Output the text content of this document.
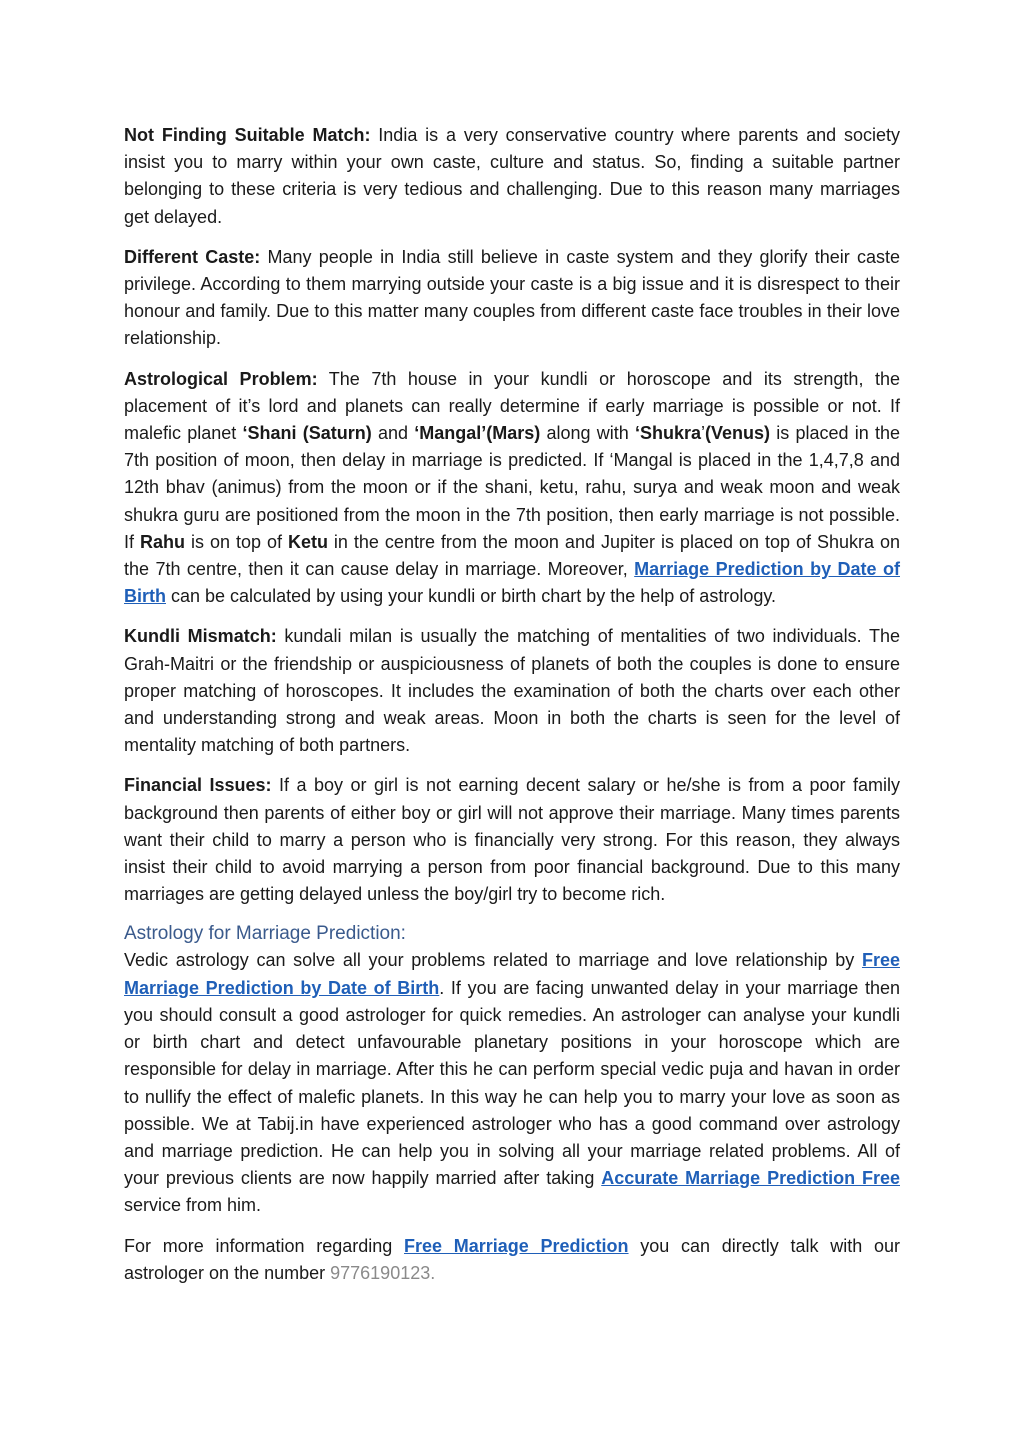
Not Finding Suitable Match: India is a very conservative country where parents and society insist you to marry within your own caste, culture and status. So, finding a suitable partner belonging to these criteria is very tedious and challenging. Due to this reason many marriages get delayed.

Different Caste: Many people in India still believe in caste system and they glorify their caste privilege. According to them marrying outside your caste is a big issue and it is disrespect to their honour and family. Due to this matter many couples from different caste face troubles in their love relationship.

Astrological Problem: The 7th house in your kundli or horoscope and its strength, the placement of it’s lord and planets can really determine if early marriage is possible or not. If malefic planet ‘Shani (Saturn) and ‘Mangal’(Mars) along with ‘Shukra’(Venus) is placed in the 7th position of moon, then delay in marriage is predicted. If ‘Mangal is placed in the 1,4,7,8 and 12th bhav (animus) from the moon or if the shani, ketu, rahu, surya and weak moon and weak shukra guru are positioned from the moon in the 7th position, then early marriage is not possible. If Rahu is on top of Ketu in the centre from the moon and Jupiter is placed on top of Shukra on the 7th centre, then it can cause delay in marriage. Moreover, Marriage Prediction by Date of Birth can be calculated by using your kundli or birth chart by the help of astrology.

Kundli Mismatch: kundali milan is usually the matching of mentalities of two individuals. The Grah-Maitri or the friendship or auspiciousness of planets of both the couples is done to ensure proper matching of horoscopes. It includes the examination of both the charts over each other and understanding strong and weak areas. Moon in both the charts is seen for the level of mentality matching of both partners.

Financial Issues: If a boy or girl is not earning decent salary or he/she is from a poor family background then parents of either boy or girl will not approve their marriage. Many times parents want their child to marry a person who is financially very strong. For this reason, they always insist their child to avoid marrying a person from poor financial background. Due to this many marriages are getting delayed unless the boy/girl try to become rich.

Astrology for Marriage Prediction:

Vedic astrology can solve all your problems related to marriage and love relationship by Free Marriage Prediction by Date of Birth. If you are facing unwanted delay in your marriage then you should consult a good astrologer for quick remedies. An astrologer can analyse your kundli or birth chart and detect unfavourable planetary positions in your horoscope which are responsible for delay in marriage. After this he can perform special vedic puja and havan in order to nullify the effect of malefic planets. In this way he can help you to marry your love as soon as possible. We at Tabij.in have experienced astrologer who has a good command over astrology and marriage prediction. He can help you in solving all your marriage related problems. All of your previous clients are now happily married after taking Accurate Marriage Prediction Free service from him.

For more information regarding Free Marriage Prediction you can directly talk with our astrologer on the number 9776190123.
